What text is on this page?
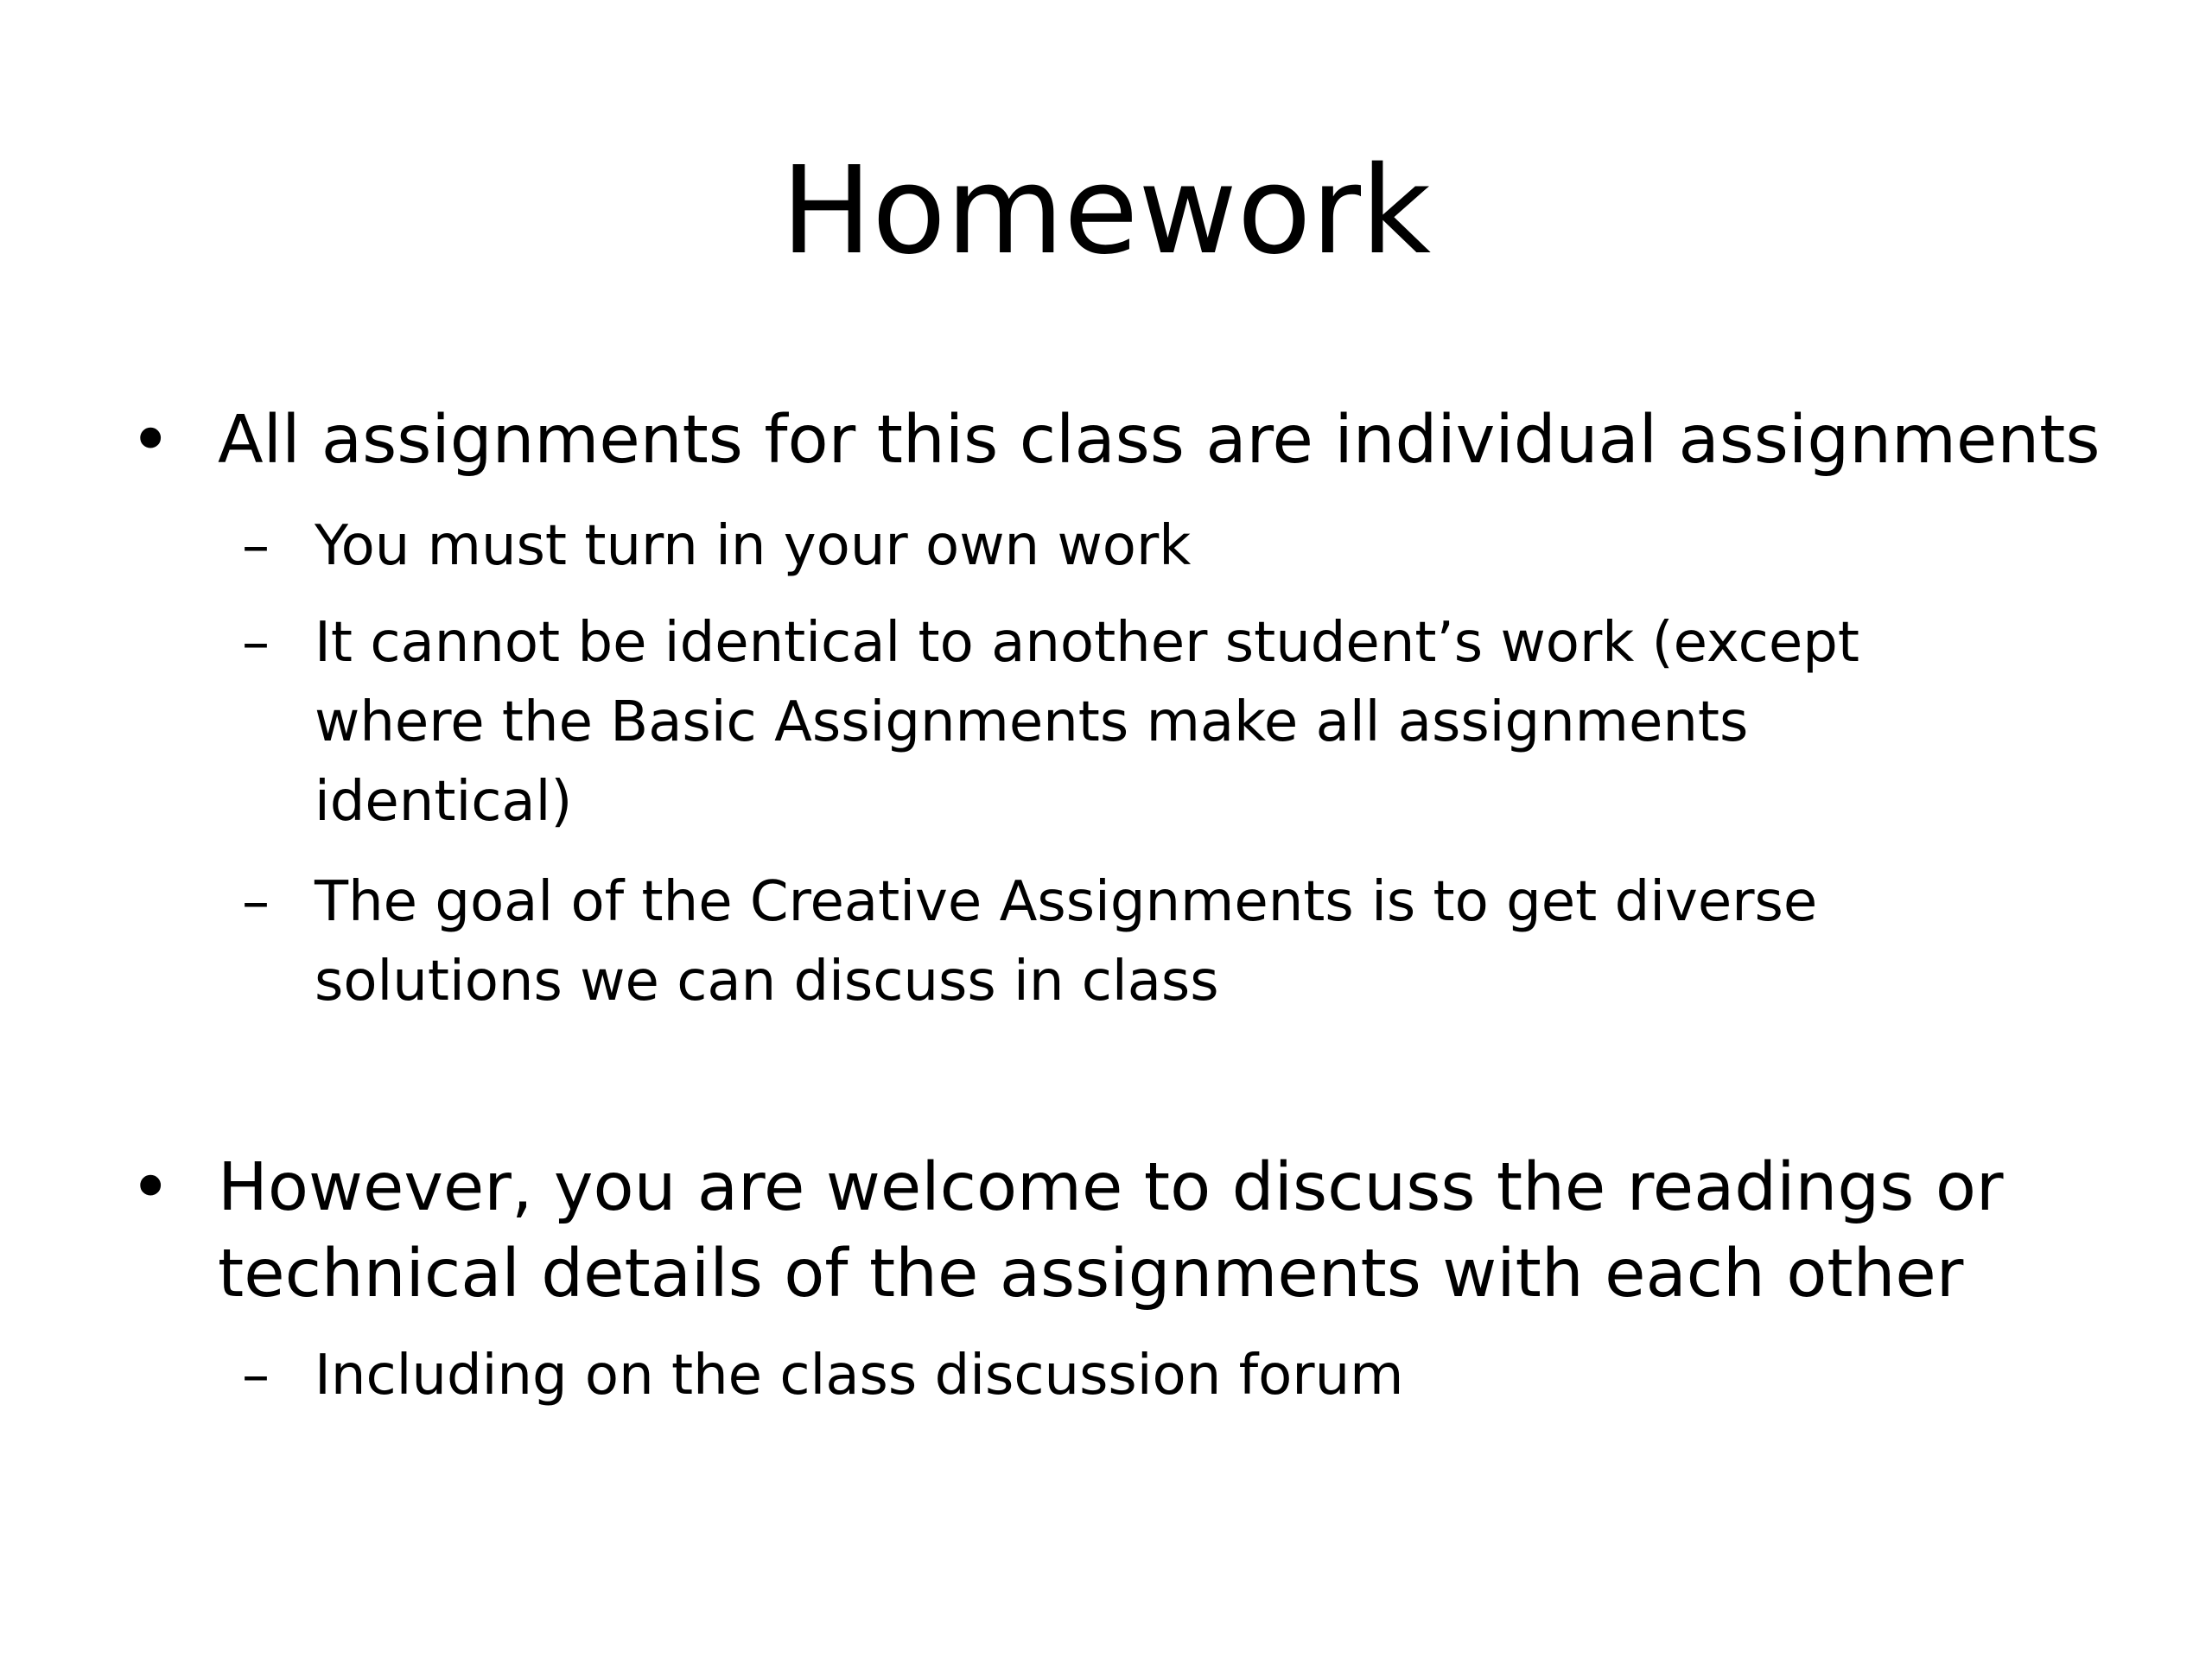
Homework
• All assignments for this class are individual assignments
– You must turn in your own work
– It cannot be identical to another student’s work (except
where the Basic Assignments make all assignments
identical)
– The goal of the Creative Assignments is to get diverse
solutions we can discuss in class
• However, you are welcome to discuss the readings or
technical details of the assignments with each other
– Including on the class discussion forum
